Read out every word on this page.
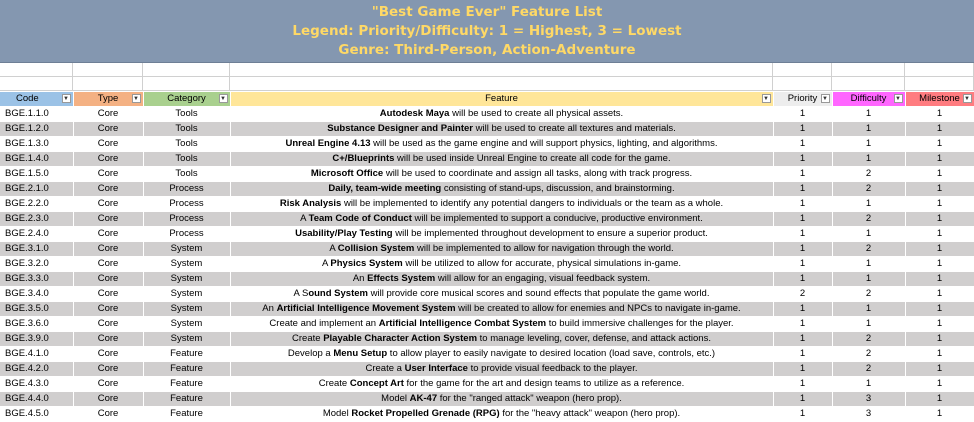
"Best Game Ever" Feature List
Legend: Priority/Difficulty: 1 = Highest, 3 = Lowest
Genre: Third-Person, Action-Adventure
Code ▼	Type ▼	Category ▼	Feature ▼	Priority ▼	Difficulty ▼	Milestone ▼

BGE.1.1.0	Core	Tools	Autodesk Maya will be used to create all physical assets.	1	1	1
BGE.1.2.0	Core	Tools	Substance Designer and Painter will be used to create all textures and materials.	1	1	1
BGE.1.3.0	Core	Tools	Unreal Engine 4.13 will be used as the game engine and will support physics, lighting, and algorithms.	1	1	1
BGE.1.4.0	Core	Tools	C+/Blueprints will be used inside Unreal Engine to create all code for the game.	1	1	1
BGE.1.5.0	Core	Tools	Microsoft Office will be used to coordinate and assign all tasks, along with track progress.	1	2	1
BGE.2.1.0	Core	Process	Daily, team-wide meeting consisting of stand-ups, discussion, and brainstorming.	1	2	1
BGE.2.2.0	Core	Process	Risk Analysis will be implemented to identify any potential dangers to individuals or the team as a whole.	1	1	1
BGE.2.3.0	Core	Process	A Team Code of Conduct will be implemented to support a conducive, productive environment.	1	2	1
BGE.2.4.0	Core	Process	Usability/Play Testing will be implemented throughout development to ensure a superior product.	1	1	1
BGE.3.1.0	Core	System	A Collision System will be implemented to allow for navigation through the world.	1	2	1
BGE.3.2.0	Core	System	A Physics System will be utilized to allow for accurate, physical simulations in-game.	1	1	1
BGE.3.3.0	Core	System	An Effects System will allow for an engaging, visual feedback system.	1	1	1
BGE.3.4.0	Core	System	A Sound System will provide core musical scores and sound effects that populate the game world.	2	2	1
BGE.3.5.0	Core	System	An Artificial Intelligence Movement System will be created to allow for enemies and NPCs to navigate in-game.	1	1	1
BGE.3.6.0	Core	System	Create and implement an Artificial Intelligence Combat System to build immersive challenges for the player.	1	1	1
BGE.3.9.0	Core	System	Create Playable Character Action System to manage leveling, cover, defense, and attack actions.	1	2	1
BGE.4.1.0	Core	Feature	Develop a Menu Setup to allow player to easily navigate to desired location (load save, controls, etc.)	1	2	1
BGE.4.2.0	Core	Feature	Create a User Interface to provide visual feedback to the player.	1	2	1
BGE.4.3.0	Core	Feature	Create Concept Art for the game for the art and design teams to utilize as a reference.	1	1	1
BGE.4.4.0	Core	Feature	Model AK-47 for the "ranged attack" weapon (hero prop).	1	3	1
BGE.4.5.0	Core	Feature	Model Rocket Propelled Grenade (RPG) for the "heavy attack" weapon (hero prop).	1	3	1
